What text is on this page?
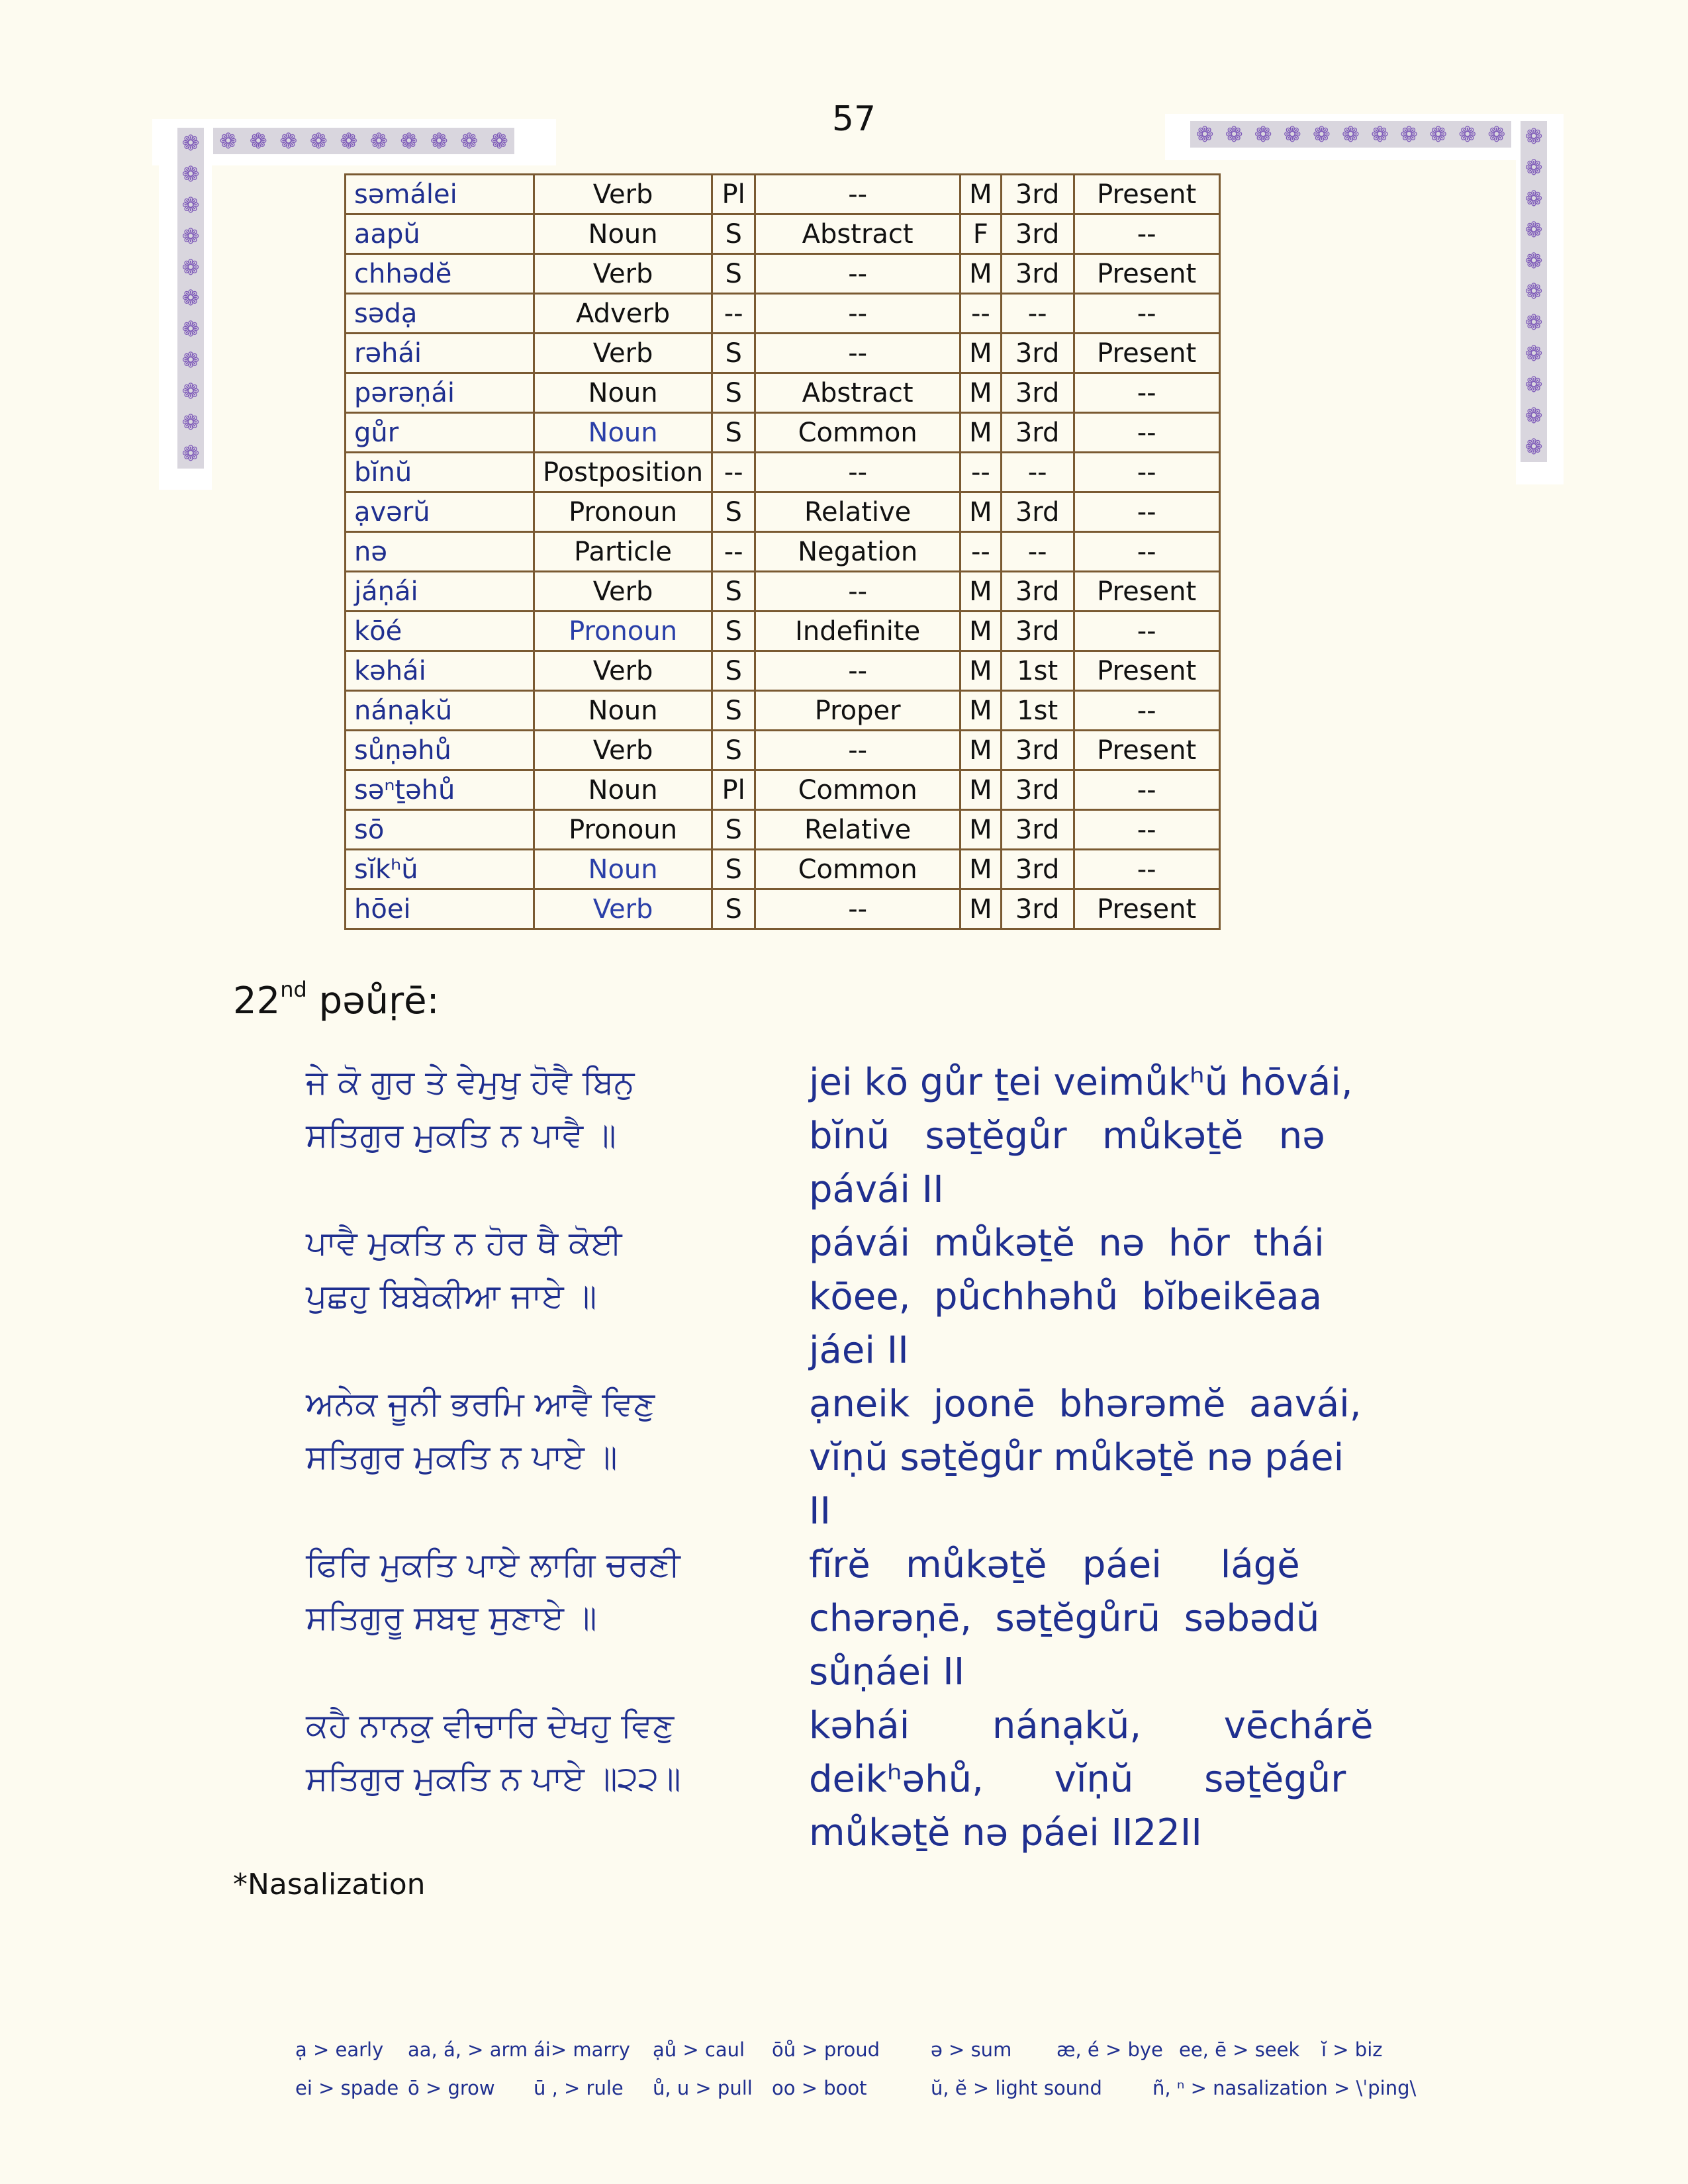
57
❁ ❁ ❁ ❁ ❁ ❁ ❁ ❁ ❁ ❁
❁
❁
❁
❁
❁
❁
❁
❁
❁
❁
❁
❁ ❁ ❁ ❁ ❁ ❁ ❁ ❁ ❁ ❁ ❁ ❁
❁
❁
❁
❁
❁
❁
❁
❁
❁
❁
səmálei	Verb	Pl	--	M	3rd	Present
aapŭ	Noun	S	Abstract	F	3rd	--
chhədĕ	Verb	S	--	M	3rd	Present
sədạ	Adverb	--	--	--	--	--
rəhái	Verb	S	--	M	3rd	Present
pərəṇái	Noun	S	Abstract	M	3rd	--
gůr	Noun	S	Common	M	3rd	--
bĭnŭ	Postposition	--	--	--	--	--
ạvərŭ	Pronoun	S	Relative	M	3rd	--
nə	Particle	--	Negation	--	--	--
jáṇái	Verb	S	--	M	3rd	Present
kōé	Pronoun	S	Indefinite	M	3rd	--
kəhái	Verb	S	--	M	1st	Present
nánạkŭ	Noun	S	Proper	M	1st	--
sůṇəhů	Verb	S	--	M	3rd	Present
səⁿṯəhů	Noun	Pl	Common	M	3rd	--
sō	Pronoun	S	Relative	M	3rd	--
sĭkʰŭ	Noun	S	Common	M	3rd	--
hōei	Verb	S	--	M	3rd	Present
22nd pəůṛē:
ਜੇ ਕੋ ਗੁਰ ਤੇ ਵੇਮੁਖੁ ਹੋਵੈ ਬਿਨੁ
ਸਤਿਗੁਰ ਮੁਕਤਿ ਨ ਪਾਵੈ ॥
jei kō gůr ṯei veimůkʰŭ hōvái,
bĭnŭ   səṯĕgůr   můkəṯĕ   nə
pávái II
ਪਾਵੈ ਮੁਕਤਿ ਨ ਹੋਰ ਥੈ ਕੋਈ
ਪੁਛਹੁ ਬਿਬੇਕੀਆ ਜਾਏ ॥
pávái  můkəṯĕ  nə  hōr  thái
kōee,  půchhəhů  bĭbeikēaa
jáei II
ਅਨੇਕ ਜੂਨੀ ਭਰਮਿ ਆਵੈ ਵਿਣੁ
ਸਤਿਗੁਰ ਮੁਕਤਿ ਨ ਪਾਏ ॥
ạneik  joonē  bhərəmĕ  aavái,
vĭṇŭ səṯĕgůr můkəṯĕ nə páei
II
ਫਿਰਿ ਮੁਕਤਿ ਪਾਏ ਲਾਗਿ ਚਰਣੀ
ਸਤਿਗੁਰੂ ਸਬਦੁ ਸੁਣਾਏ ॥
fĭrĕ   můkəṯĕ   páei     lágĕ
chərəṇē,  səṯĕgůrū  səbədŭ
sůṇáei II
ਕਹੈ ਨਾਨਕੁ ਵੀਚਾਰਿ ਦੇਖਹੁ ਵਿਣੁ
ਸਤਿਗੁਰ ਮੁਕਤਿ ਨ ਪਾਏ ॥੨੨॥
kəhái       nánạkŭ,       vēchárĕ
deikʰəhů,      vĭṇŭ      səṯĕgůr
můkəṯĕ nə páei II22II
*Nasalization
ạ > early	aa, á, > arm ái> marry	ạů > caul	ōů > proud	ə > sum	æ, é > bye ee, ē > seek	ĭ > biz
ei > spade ō > grow	ū , > rule	ů, u > pull	oo > boot	ŭ, ĕ > light sound	ñ, ⁿ > nasalization > \ˈping\
